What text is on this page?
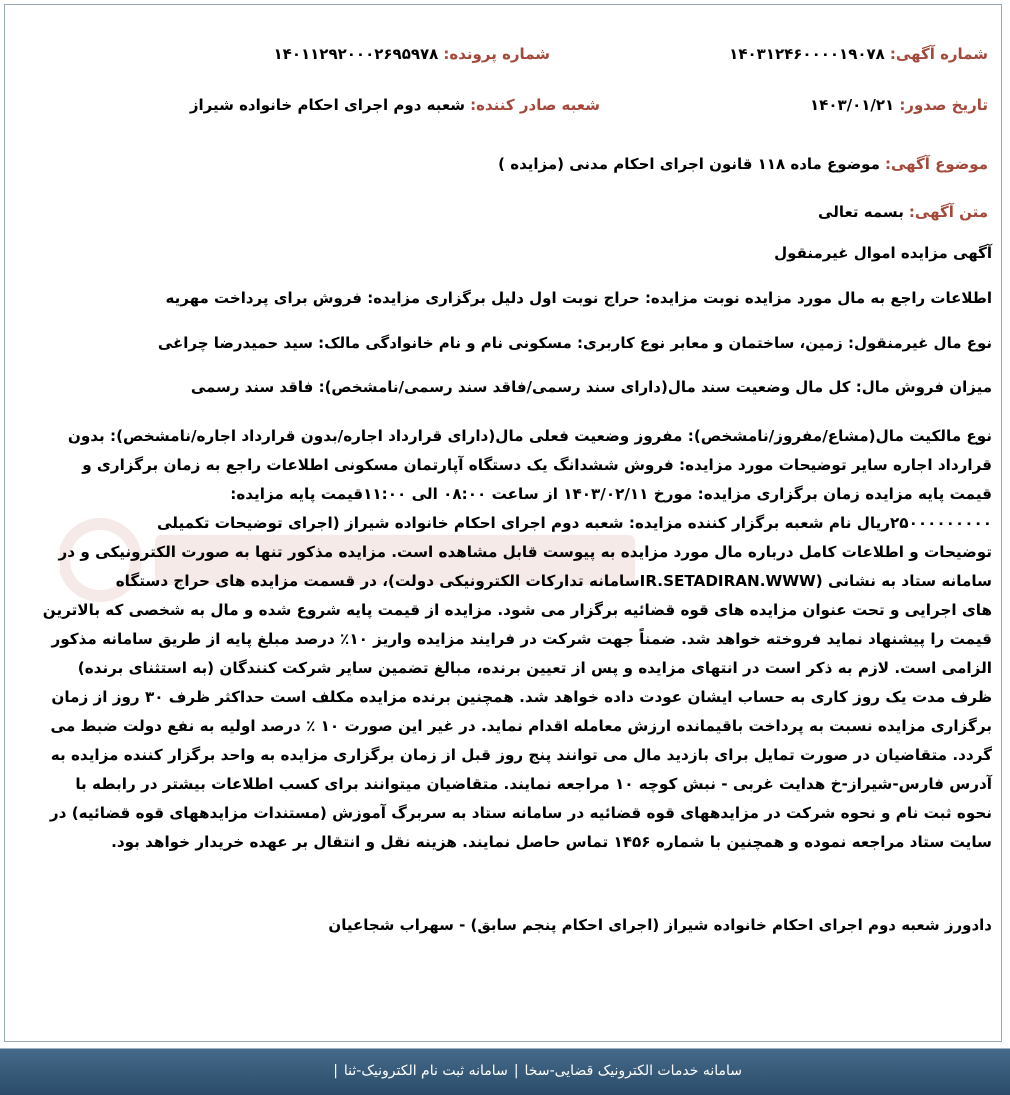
شماره آگهی: ۱۴۰۳۱۲۴۶۰۰۰۰۱۹۰۷۸
شماره پرونده: ۱۴۰۱۱۲۹۲۰۰۰۲۶۹۵۹۷۸
تاریخ صدور: ۱۴۰۳/۰۱/۲۱
شعبه صادر کننده: شعبه دوم اجرای احکام خانواده شیراز
موضوع آگهی: موضوع ماده ۱۱۸ قانون اجرای احکام مدنی (مزایده )
متن آگهی: بسمه تعالی
آگهی مزایده اموال غیرمنقول
اطلاعات راجع به مال مورد مزایده نوبت مزایده: حراج نوبت اول دلیل برگزاری مزایده: فروش برای پرداخت مهریه
نوع مال غیرمنقول: زمین، ساختمان و معابر نوع کاربری: مسکونی نام و نام خانوادگی مالک: سید حمیدرضا چراغی
میزان فروش مال: کل مال وضعیت سند مال(دارای سند رسمی/فاقد سند رسمی/نامشخص): فاقد سند رسمی
نوع مالکیت مال(مشاع/مفروز/نامشخص): مفروز وضعیت فعلی مال(دارای قرارداد اجاره/بدون قرارداد اجاره/نامشخص): بدون
قرارداد اجاره سایر توضیحات مورد مزایده: فروش ششدانگ یک دستگاه آپارتمان مسکونی اطلاعات راجع به زمان برگزاری و
قیمت پایه مزایده زمان برگزاری مزایده: مورخ ۱۴۰۳/۰۲/۱۱ از ساعت ۰۸:۰۰ الی ۱۱:۰۰قیمت پایه مزایده:
۲۵۰۰۰۰۰۰۰۰۰ریال نام شعبه برگزار کننده مزایده: شعبه دوم اجرای احکام خانواده شیراز (اجرای توضیحات تکمیلی
توضیحات و اطلاعات کامل درباره مال مورد مزایده به پیوست قابل مشاهده است. مزایده مذکور تنها به صورت الکترونیکی و در
سامانه ستاد به نشانی (IR.SETADIRAN.WWWسامانه تدارکات الکترونیکی دولت)، در قسمت مزایده های حراج دستگاه
های اجرایی و تحت عنوان مزایده های قوه قضائیه برگزار می شود. مزایده از قیمت پایه شروع شده و مال به شخصی که بالاترین
قیمت را پیشنهاد نماید فروخته خواهد شد. ضمناً جهت شرکت در فرایند مزایده واریز ۱۰٪ درصد مبلغ پایه از طریق سامانه مذکور
الزامی است. لازم به ذکر است در انتهای مزایده و پس از تعیین برنده، مبالغ تضمین سایر شرکت کنندگان (به استثنای برنده)
ظرف مدت یک روز کاری به حساب ایشان عودت داده خواهد شد. همچنین برنده مزایده مکلف است حداکثر ظرف ۳۰ روز از زمان
برگزاری مزایده نسبت به پرداخت باقیمانده ارزش معامله اقدام نماید. در غیر این صورت ۱۰ ٪ درصد اولیه به نفع دولت ضبط می
گردد. متقاضیان در صورت تمایل برای بازدید مال می توانند پنج روز قبل از زمان برگزاری مزایده به واحد برگزار کننده مزایده به
آدرس فارس-شیراز-خ هدایت غربی - نبش کوچه ۱۰ مراجعه نمایند. متقاضیان میتوانند برای کسب اطلاعات بیشتر در رابطه با
نحوه ثبت نام و نحوه شرکت در مزایدههای قوه قضائیه در سامانه ستاد به سربرگ آموزش (مستندات مزایدههای قوه قضائیه) در
سایت ستاد مراجعه نموده و همچنین با شماره ۱۴۵۶ تماس حاصل نمایند. هزینه نقل و انتقال بر عهده خریدار خواهد بود.
دادورز شعبه دوم اجرای احکام خانواده شیراز (اجرای احکام پنجم سابق) - سهراب شجاعیان
سامانه خدمات الکترونیک قضایی-سخا|سامانه ثبت نام الکترونیک-ثنا|
